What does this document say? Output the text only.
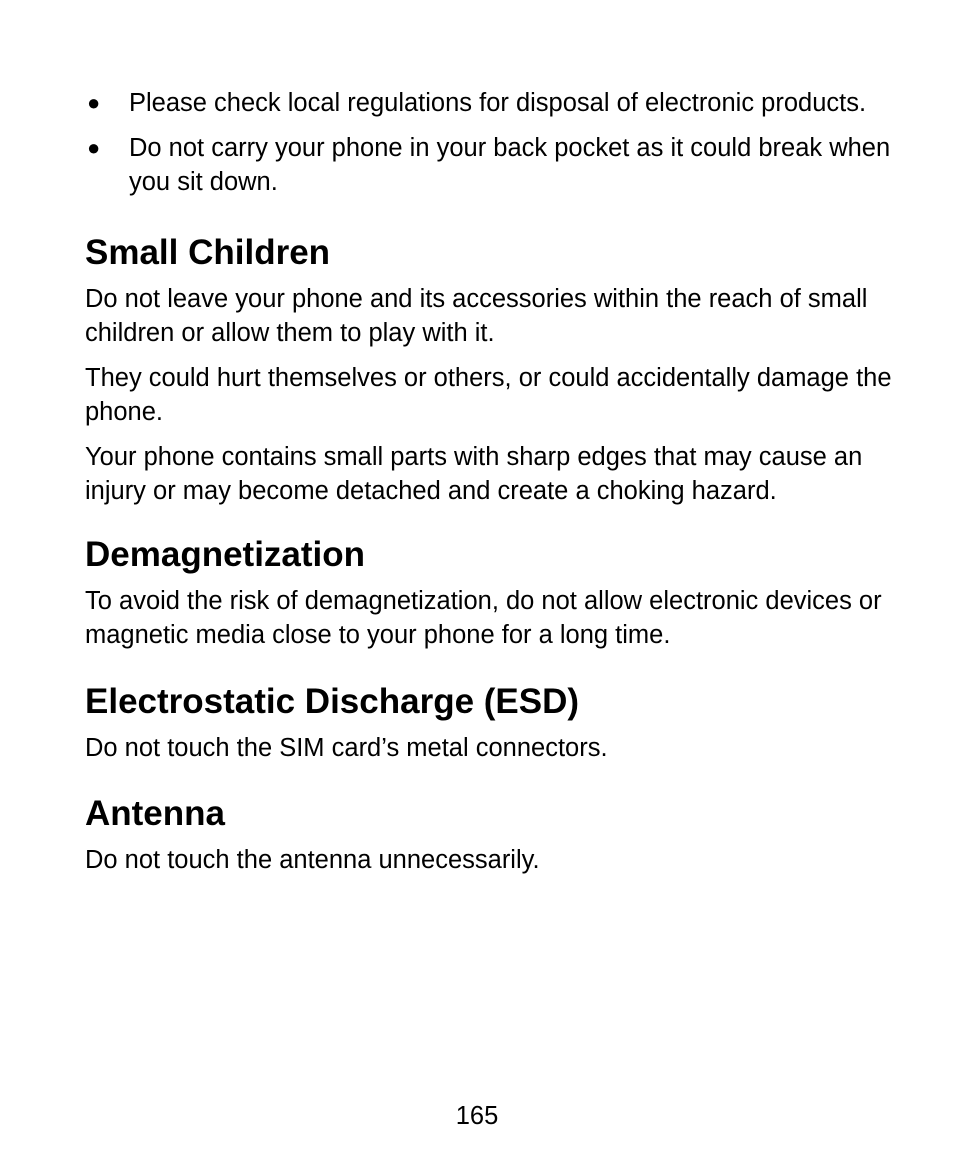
● Please check local regulations for disposal of electronic products.
● Do not carry your phone in your back pocket as it could break when you sit down.
Small Children

Do not leave your phone and its accessories within the reach of small children or allow them to play with it.

They could hurt themselves or others, or could accidentally damage the phone.

Your phone contains small parts with sharp edges that may cause an injury or may become detached and create a choking hazard.

Demagnetization

To avoid the risk of demagnetization, do not allow electronic devices or magnetic media close to your phone for a long time.

Electrostatic Discharge (ESD)

Do not touch the SIM card’s metal connectors.

Antenna

Do not touch the antenna unnecessarily.

165
